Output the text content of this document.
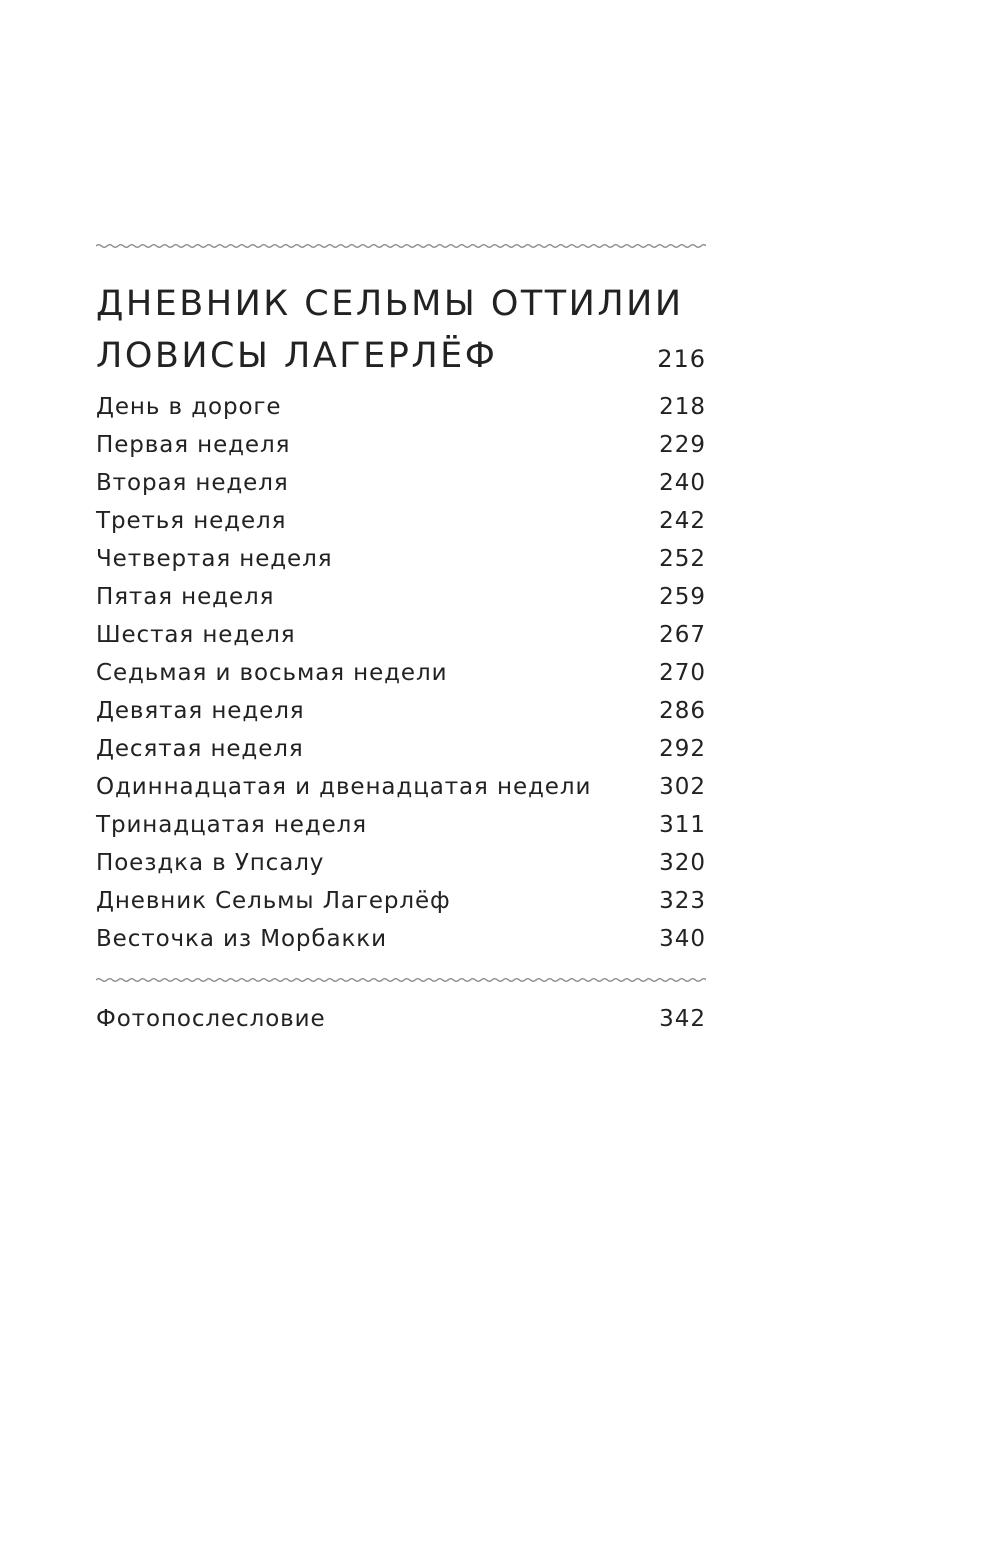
ДНЕВНИК СЕЛЬМЫ ОТТИЛИИ
ЛОВИСЫ ЛАГЕРЛЁФ	216
День в дороге	218
Первая неделя	229
Вторая неделя	240
Третья неделя	242
Четвертая неделя	252
Пятая неделя	259
Шестая неделя	267
Седьмая и восьмая недели	270
Девятая неделя	286
Десятая неделя	292
Одиннадцатая и двенадцатая недели	302
Тринадцатая неделя	311
Поездка в Упсалу	320
Дневник Сельмы Лагерлёф	323
Весточка из Морбакки	340
Фотопослесловие	342
